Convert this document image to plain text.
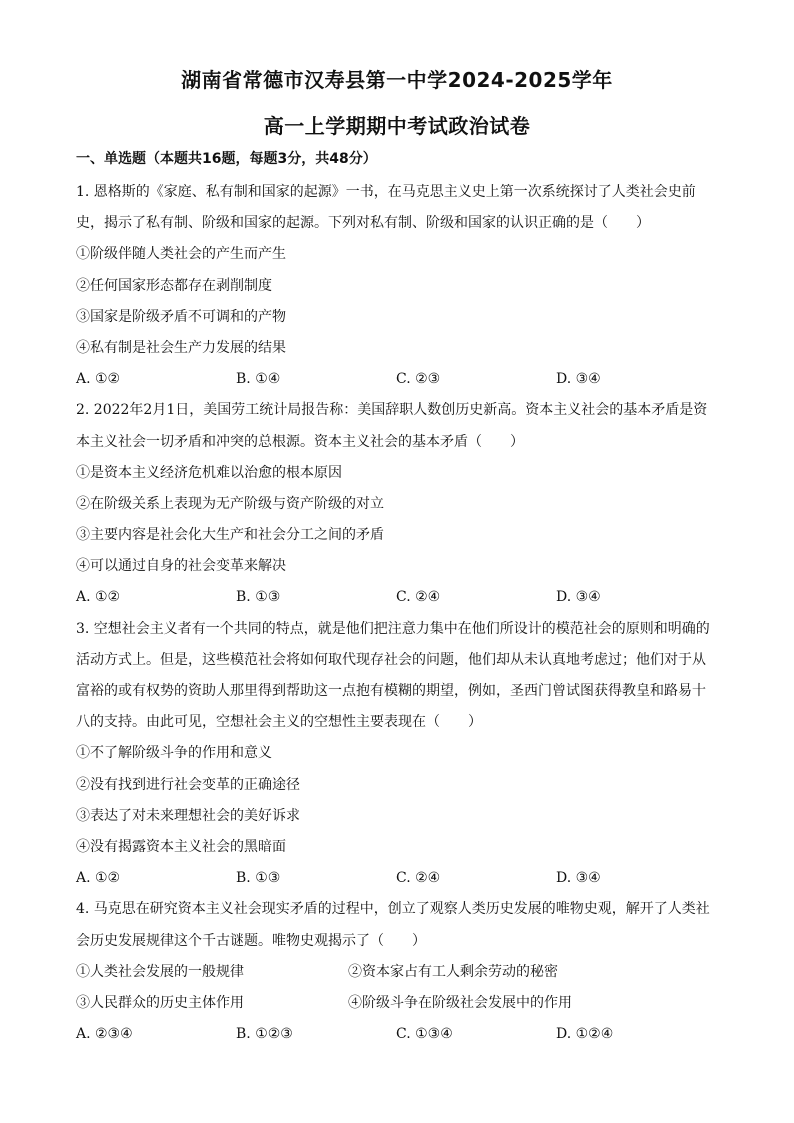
湖南省常德市汉寿县第一中学2024-2025学年
高一上学期期中考试政治试卷
一、单选题（本题共16题，每题3分，共48分）
1. 恩格斯的《家庭、私有制和国家的起源》一书，在马克思主义史上第一次系统探讨了人类社会史前
史，揭示了私有制、阶级和国家的起源。下列对私有制、阶级和国家的认识正确的是（　　）
①阶级伴随人类社会的产生而产生
②任何国家形态都存在剥削制度
③国家是阶级矛盾不可调和的产物
④私有制是社会生产力发展的结果
A. ①②	B. ①④	C. ②③	D. ③④
2. 2022年2月1日，美国劳工统计局报告称：美国辞职人数创历史新高。资本主义社会的基本矛盾是资
本主义社会一切矛盾和冲突的总根源。资本主义社会的基本矛盾（　　）
①是资本主义经济危机难以治愈的根本原因
②在阶级关系上表现为无产阶级与资产阶级的对立
③主要内容是社会化大生产和社会分工之间的矛盾
④可以通过自身的社会变革来解决
A. ①②	B. ①③	C. ②④	D. ③④
3. 空想社会主义者有一个共同的特点，就是他们把注意力集中在他们所设计的模范社会的原则和明确的
活动方式上。但是，这些模范社会将如何取代现存社会的问题，他们却从未认真地考虑过；他们对于从
富裕的或有权势的资助人那里得到帮助这一点抱有模糊的期望，例如，圣西门曾试图获得教皇和路易十
八的支持。由此可见，空想社会主义的空想性主要表现在（　　）
①不了解阶级斗争的作用和意义
②没有找到进行社会变革的正确途径
③表达了对未来理想社会的美好诉求
④没有揭露资本主义社会的黑暗面
A. ①②	B. ①③	C. ②④	D. ③④
4. 马克思在研究资本主义社会现实矛盾的过程中，创立了观察人类历史发展的唯物史观，解开了人类社
会历史发展规律这个千古谜题。唯物史观揭示了（　　）
①人类社会发展的一般规律	②资本家占有工人剩余劳动的秘密
③人民群众的历史主体作用	④阶级斗争在阶级社会发展中的作用
A. ②③④	B. ①②③	C. ①③④	D. ①②④
